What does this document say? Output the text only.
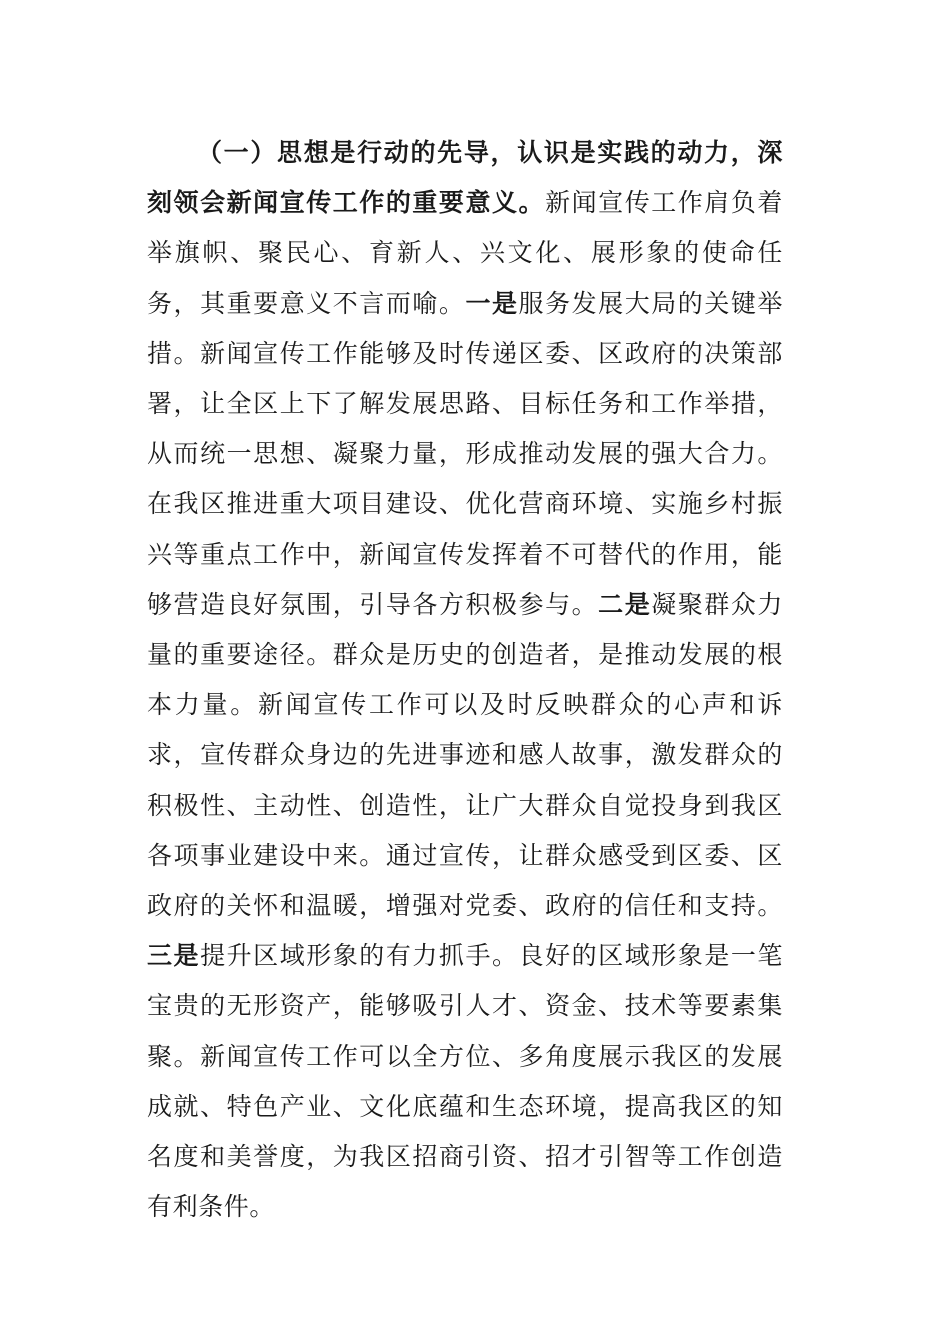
（一）思想是行动的先导，认识是实践的动力，深刻领会新闻宣传工作的重要意义。新闻宣传工作肩负着举旗帜、聚民心、育新人、兴文化、展形象的使命任务，其重要意义不言而喻。一是服务发展大局的关键举措。新闻宣传工作能够及时传递区委、区政府的决策部署，让全区上下了解发展思路、目标任务和工作举措，从而统一思想、凝聚力量，形成推动发展的强大合力。在我区推进重大项目建设、优化营商环境、实施乡村振兴等重点工作中，新闻宣传发挥着不可替代的作用，能够营造良好氛围，引导各方积极参与。二是凝聚群众力量的重要途径。群众是历史的创造者，是推动发展的根本力量。新闻宣传工作可以及时反映群众的心声和诉求，宣传群众身边的先进事迹和感人故事，激发群众的积极性、主动性、创造性，让广大群众自觉投身到我区各项事业建设中来。通过宣传，让群众感受到区委、区政府的关怀和温暖，增强对党委、政府的信任和支持。三是提升区域形象的有力抓手。良好的区域形象是一笔宝贵的无形资产，能够吸引人才、资金、技术等要素集聚。新闻宣传工作可以全方位、多角度展示我区的发展成就、特色产业、文化底蕴和生态环境，提高我区的知名度和美誉度，为我区招商引资、招才引智等工作创造有利条件。
